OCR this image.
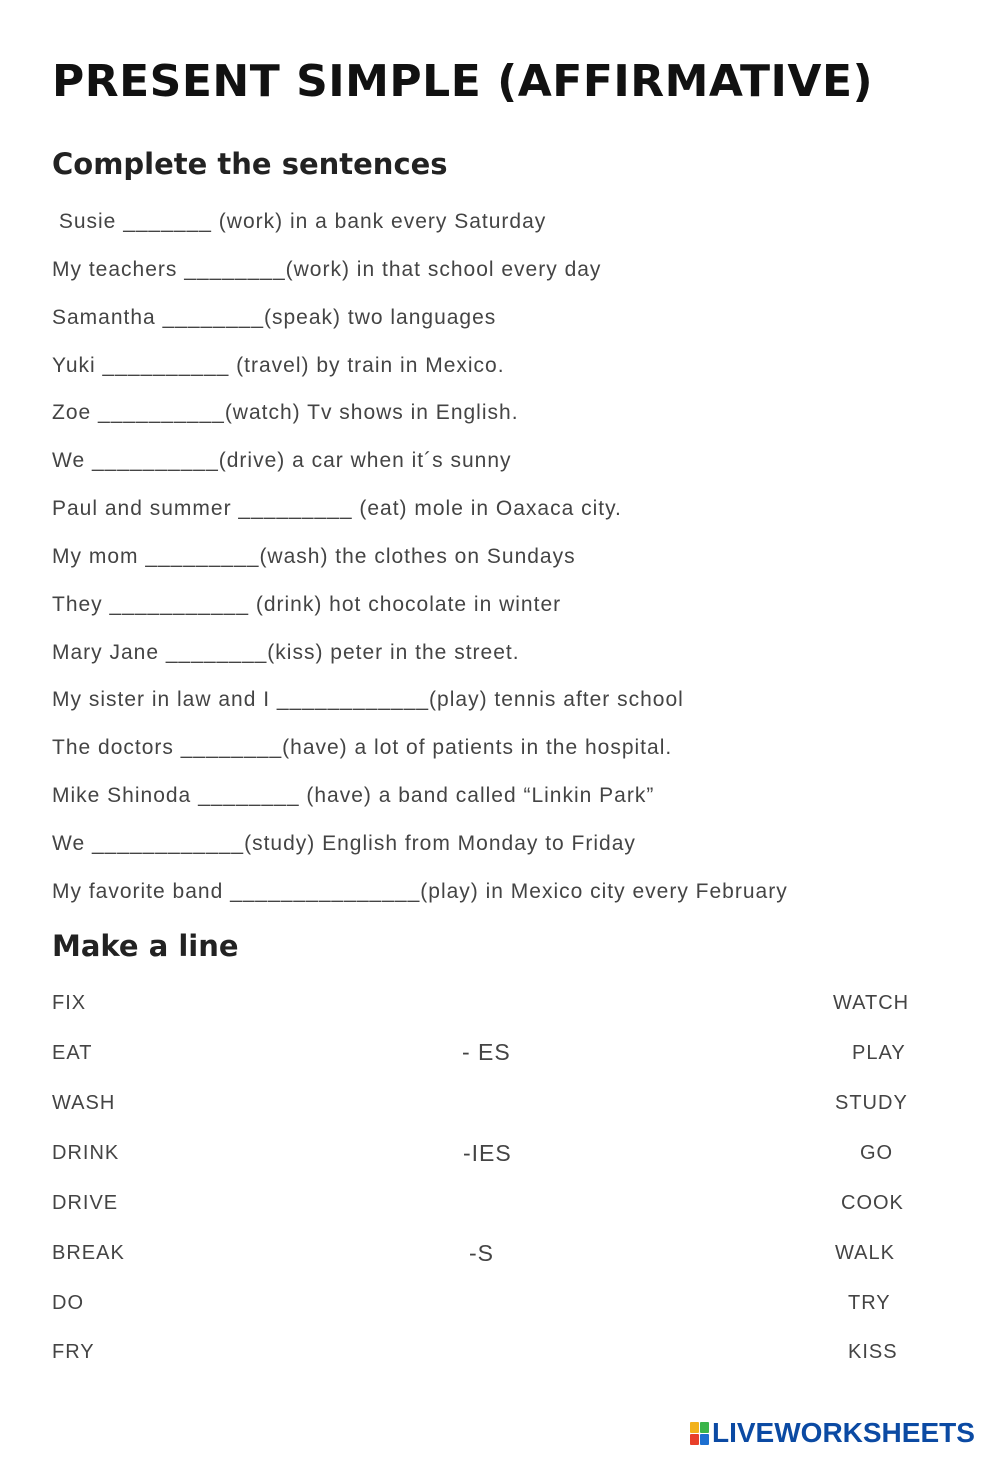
PRESENT SIMPLE (AFFIRMATIVE)
Complete the sentences
Susie _______ (work) in a bank every Saturday
My teachers ________(work) in that school every day
Samantha ________(speak) two languages
Yuki __________ (travel) by train in Mexico.
Zoe __________(watch) Tv shows in English.
We __________(drive) a car when it´s sunny
Paul and summer _________ (eat) mole in Oaxaca city.
My mom _________(wash) the clothes on Sundays
They ___________ (drink) hot chocolate in winter
Mary Jane ________(kiss) peter in the street.
My sister in law and I ____________(play) tennis after school
The doctors ________(have) a lot of patients in the hospital.
Mike Shinoda ________ (have) a band called “Linkin Park”
We ____________(study) English from Monday to Friday
My favorite band _______________(play) in Mexico city every February
Make a line
FIX
EAT
WASH
DRINK
DRIVE
BREAK
DO
FRY
- ES
-IES
-S
WATCH
PLAY
STUDY
GO
COOK
WALK
TRY
KISS
LIVEWORKSHEETS
